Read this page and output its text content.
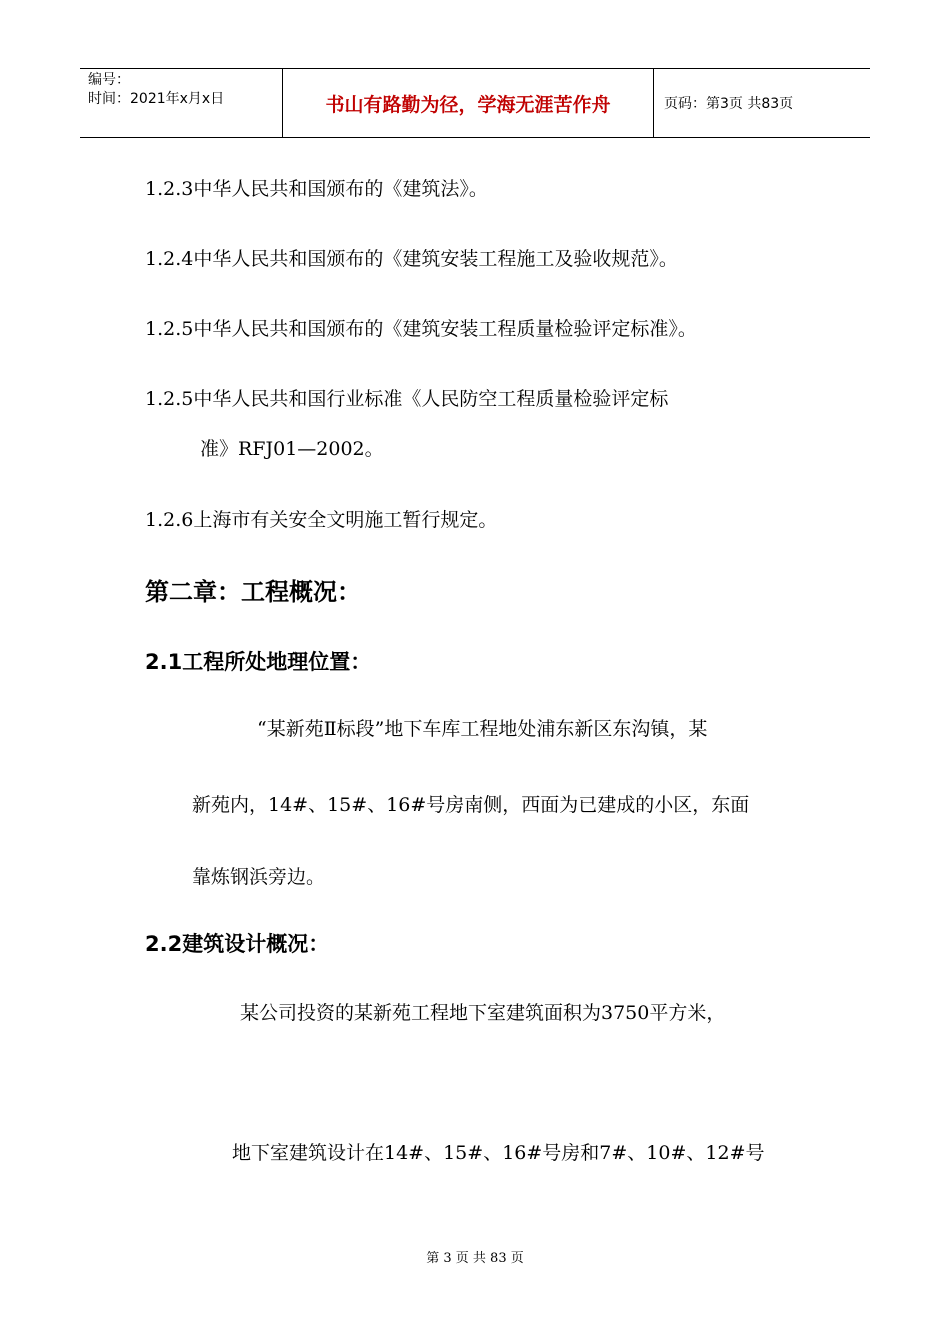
编号：
时间：2021年x月x日	书山有路勤为径，学海无涯苦作舟	页码：第3页 共83页
1.2.3中华人民共和国颁布的《建筑法》。
1.2.4中华人民共和国颁布的《建筑安装工程施工及验收规范》。
1.2.5中华人民共和国颁布的《建筑安装工程质量检验评定标准》。
1.2.5中华人民共和国行业标准《人民防空工程质量检验评定标
准》RFJ01—2002。
1.2.6上海市有关安全文明施工暂行规定。
第二章：工程概况：
2.1工程所处地理位置：
“某新苑Ⅱ标段”地下车库工程地处浦东新区东沟镇，某
新苑内，14#、15#、16#号房南侧，西面为已建成的小区，东面
靠炼钢浜旁边。
2.2建筑设计概况：
某公司投资的某新苑工程地下室建筑面积为3750平方米，
地下室建筑设计在14#、15#、16#号房和7#、10#、12#号
第 3 页 共 83 页
